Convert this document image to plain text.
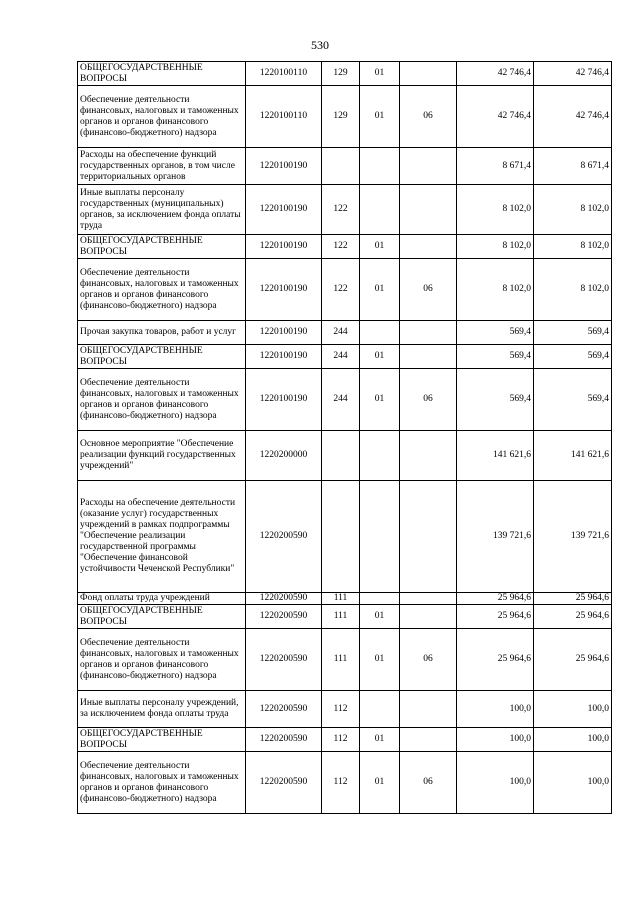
530
ОБЩЕГОСУДАРСТВЕННЫЕ ВОПРОСЫ	1220100110	129	01		42 746,4	42 746,4
Обеспечение деятельности финансовых, налоговых и таможенных органов и органов финансового (финансово-бюджетного) надзора	1220100110	129	01	06	42 746,4	42 746,4
Расходы на обеспечение функций государственных органов, в том числе территориальных органов	1220100190				8 671,4	8 671,4
Иные выплаты персоналу государственных (муниципальных) органов, за исключением фонда оплаты труда	1220100190	122			8 102,0	8 102,0
ОБЩЕГОСУДАРСТВЕННЫЕ ВОПРОСЫ	1220100190	122	01		8 102,0	8 102,0
Обеспечение деятельности финансовых, налоговых и таможенных органов и органов финансового (финансово-бюджетного) надзора	1220100190	122	01	06	8 102,0	8 102,0
Прочая закупка товаров, работ и услуг	1220100190	244			569,4	569,4
ОБЩЕГОСУДАРСТВЕННЫЕ ВОПРОСЫ	1220100190	244	01		569,4	569,4
Обеспечение деятельности финансовых, налоговых и таможенных органов и органов финансового (финансово-бюджетного) надзора	1220100190	244	01	06	569,4	569,4
Основное мероприятие "Обеспечение реализации функций государственных учреждений"	1220200000				141 621,6	141 621,6
Расходы на обеспечение деятельности (оказание услуг) государственных учреждений в рамках подпрограммы "Обеспечение реализации государственной программы "Обеспечение финансовой устойчивости Чеченской Республики"	1220200590				139 721,6	139 721,6
Фонд оплаты труда учреждений	1220200590	111			25 964,6	25 964,6
ОБЩЕГОСУДАРСТВЕННЫЕ ВОПРОСЫ	1220200590	111	01		25 964,6	25 964,6
Обеспечение деятельности финансовых, налоговых и таможенных органов и органов финансового (финансово-бюджетного) надзора	1220200590	111	01	06	25 964,6	25 964,6
Иные выплаты персоналу учреждений, за исключением фонда оплаты труда	1220200590	112			100,0	100,0
ОБЩЕГОСУДАРСТВЕННЫЕ ВОПРОСЫ	1220200590	112	01		100,0	100,0
Обеспечение деятельности финансовых, налоговых и таможенных органов и органов финансового (финансово-бюджетного) надзора	1220200590	112	01	06	100,0	100,0
